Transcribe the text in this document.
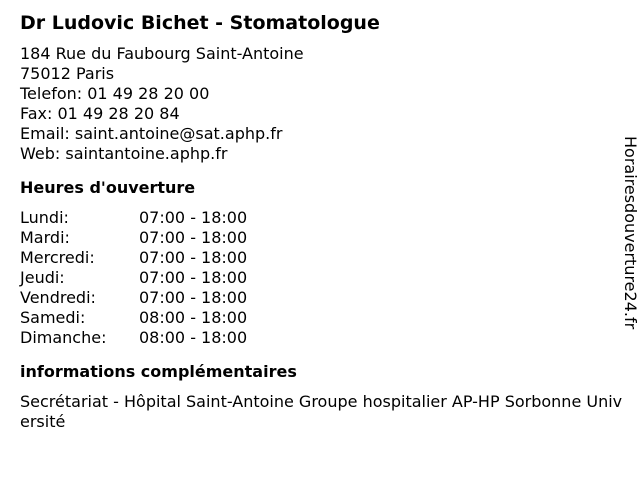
Dr Ludovic Bichet - Stomatologue
184 Rue du Faubourg Saint-Antoine
75012 Paris
Telefon: 01 49 28 20 00
Fax: 01 49 28 20 84
Email: saint.antoine@sat.aphp.fr
Web: saintantoine.aphp.fr
Heures d'ouverture
Lundi:	07:00 - 18:00
Mardi:	07:00 - 18:00
Mercredi:	07:00 - 18:00
Jeudi:	07:00 - 18:00
Vendredi:	07:00 - 18:00
Samedi:	08:00 - 18:00
Dimanche:	08:00 - 18:00
informations complémentaires
Secrétariat - Hôpital Saint-Antoine Groupe hospitalier AP-HP Sorbonne Université
Horairesdouverture24.fr
